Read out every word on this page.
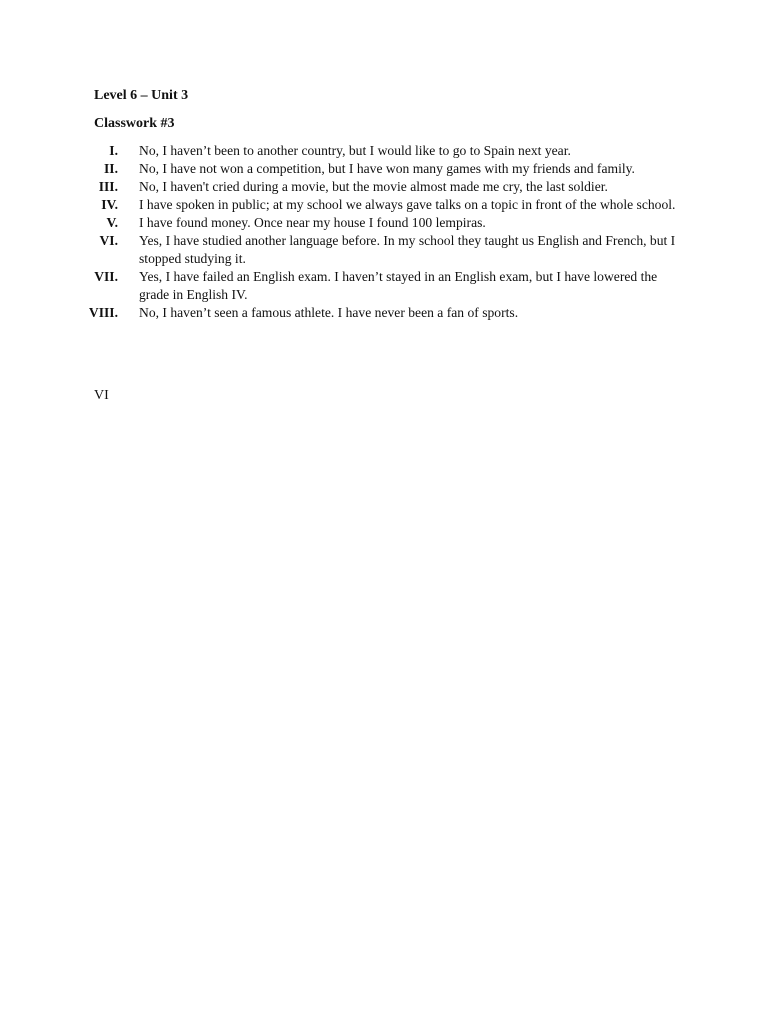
Level 6 – Unit 3

Classwork #3

I. No, I haven’t been to another country, but I would like to go to Spain next year.
II. No, I have not won a competition, but I have won many games with my friends and family.
III. No, I haven't cried during a movie, but the movie almost made me cry, the last soldier.
IV. I have spoken in public; at my school we always gave talks on a topic in front of the whole school.
V. I have found money. Once near my house I found 100 lempiras.
VI. Yes, I have studied another language before. In my school they taught us English and French, but I stopped studying it.
VII. Yes, I have failed an English exam. I haven’t stayed in an English exam, but I have lowered the grade in English IV.
VIII. No, I haven’t seen a famous athlete. I have never been a fan of sports.

VI
